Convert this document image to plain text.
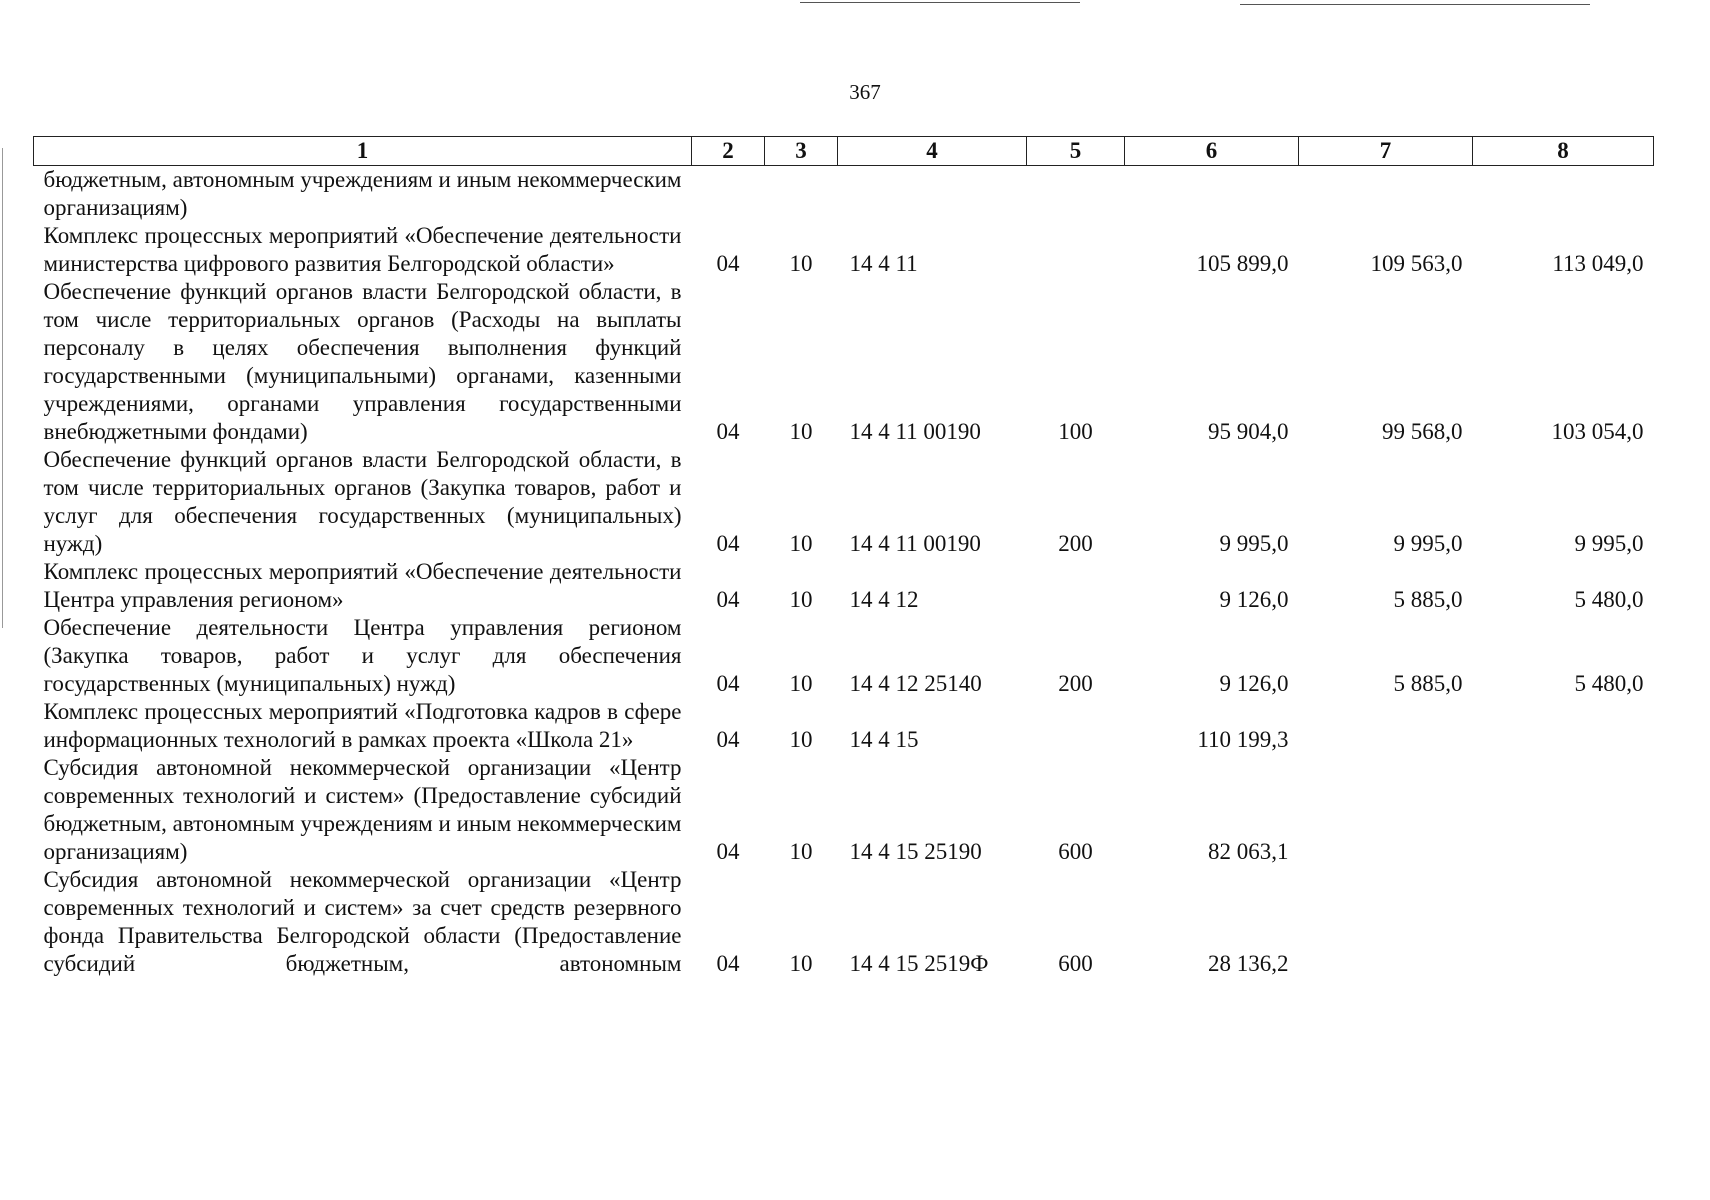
367
1	2	3	4	5	6	7	8
бюджетным, автономным учреждениям и иным некоммерческим организациям)							
Комплекс процессных мероприятий «Обеспечение деятельности министерства цифрового развития Белгородской области»	04	10	14 4 11		105 899,0	109 563,0	113 049,0
Обеспечение функций органов власти Белгородской области, в том числе территориальных органов (Расходы на выплаты персоналу в целях обеспечения выполнения функций государственными (муниципальными) органами, казенными учреждениями, органами управления государственными внебюджетными фондами)	04	10	14 4 11 00190	100	95 904,0	99 568,0	103 054,0
Обеспечение функций органов власти Белгородской области, в том числе территориальных органов (Закупка товаров, работ и услуг для обеспечения государственных (муниципальных) нужд)	04	10	14 4 11 00190	200	9 995,0	9 995,0	9 995,0
Комплекс процессных мероприятий «Обеспечение деятельности Центра управления регионом»	04	10	14 4 12		9 126,0	5 885,0	5 480,0
Обеспечение деятельности Центра управления регионом (Закупка товаров, работ и услуг для обеспечения государственных (муниципальных) нужд)	04	10	14 4 12 25140	200	9 126,0	5 885,0	5 480,0
Комплекс процессных мероприятий «Подготовка кадров в сфере информационных технологий в рамках проекта «Школа 21»	04	10	14 4 15		110 199,3		
Субсидия автономной некоммерческой организации «Центр современных технологий и систем» (Предоставление субсидий бюджетным, автономным учреждениям и иным некоммерческим организациям)	04	10	14 4 15 25190	600	82 063,1		
Субсидия автономной некоммерческой организации «Центр современных технологий и систем» за счет средств резервного фонда Правительства Белгородской области (Предоставление субсидий бюджетным, автономным	04	10	14 4 15 2519Ф	600	28 136,2		
